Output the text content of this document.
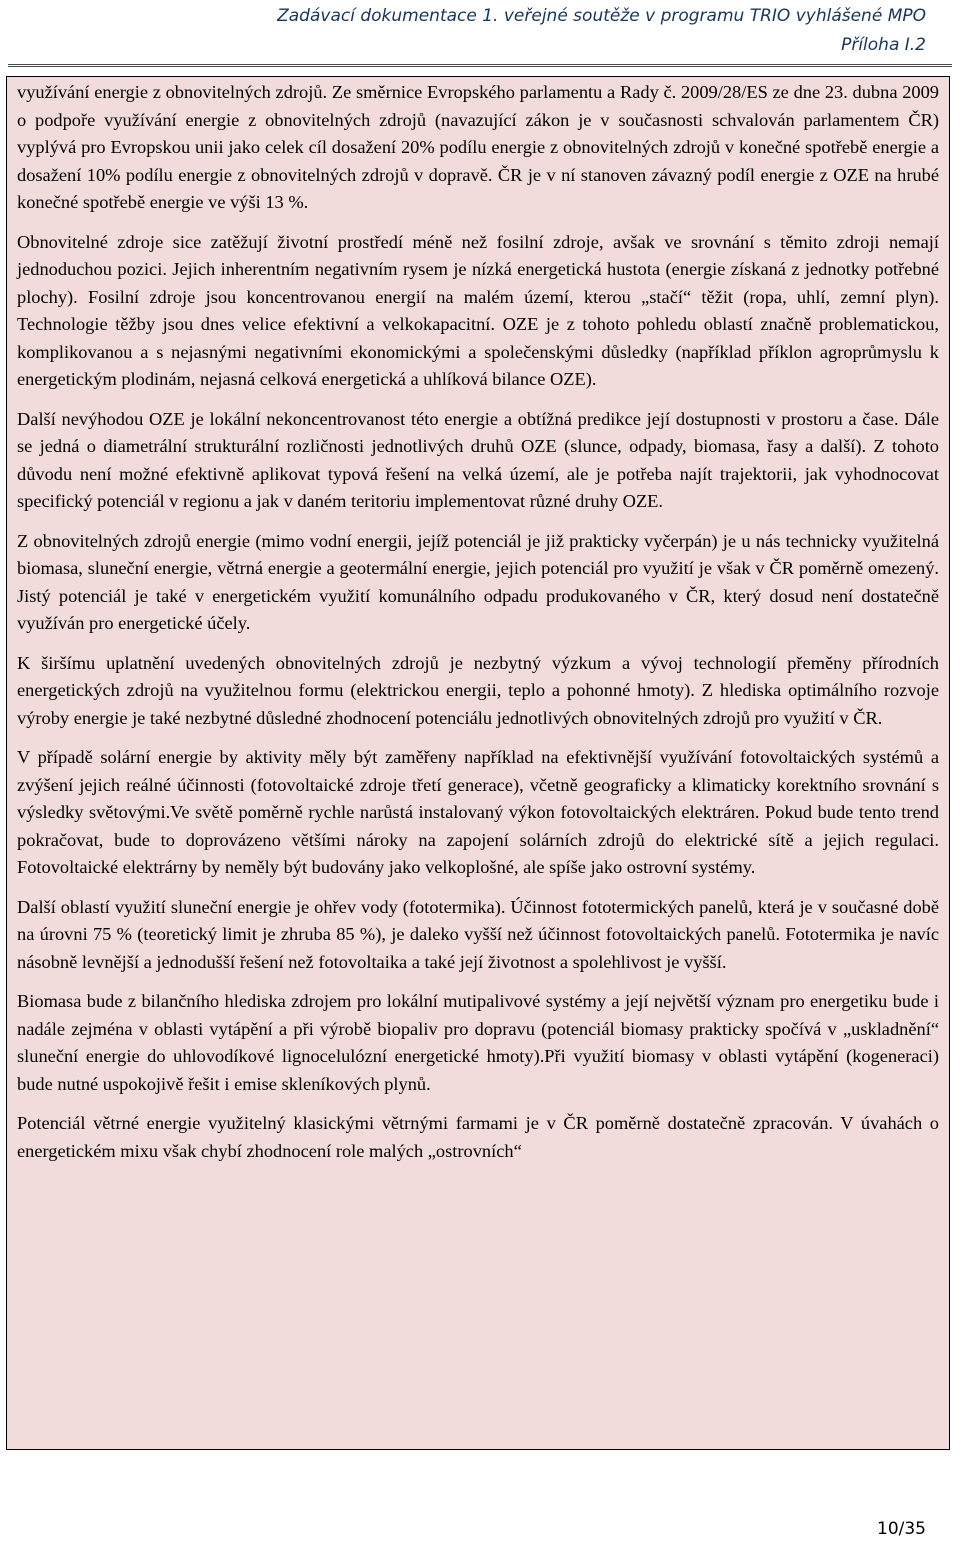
Zadávací dokumentace 1. veřejné soutěže v programu TRIO vyhlášené MPO
Příloha I.2

využívání energie z obnovitelných zdrojů. Ze směrnice Evropského parlamentu a Rady č. 2009/28/ES ze dne 23. dubna 2009 o podpoře využívání energie z obnovitelných zdrojů (navazující zákon je v současnosti schvalován parlamentem ČR) vyplývá pro Evropskou unii jako celek cíl dosažení 20% podílu energie z obnovitelných zdrojů v konečné spotřebě energie a dosažení 10% podílu energie z obnovitelných zdrojů v dopravě. ČR je v ní stanoven závazný podíl energie z OZE na hrubé konečné spotřebě energie ve výši 13 %.

Obnovitelné zdroje sice zatěžují životní prostředí méně než fosilní zdroje, avšak ve srovnání s těmito zdroji nemají jednoduchou pozici. Jejich inherentním negativním rysem je nízká energetická hustota (energie získaná z jednotky potřebné plochy). Fosilní zdroje jsou koncentrovanou energií na malém území, kterou „stačí“ těžit (ropa, uhlí, zemní plyn). Technologie těžby jsou dnes velice efektivní a velkokapacitní. OZE je z tohoto pohledu oblastí značně problematickou, komplikovanou a s nejasnými negativními ekonomickými a společenskými důsledky (například příklon agroprůmyslu k energetickým plodinám, nejasná celková energetická a uhlíková bilance OZE).

Další nevýhodou OZE je lokální nekoncentrovanost této energie a obtížná predikce její dostupnosti v prostoru a čase. Dále se jedná o diametrální strukturální rozličnosti jednotlivých druhů OZE (slunce, odpady, biomasa, řasy a další). Z tohoto důvodu není možné efektivně aplikovat typová řešení na velká území, ale je potřeba najít trajektorii, jak vyhodnocovat specifický potenciál v regionu a jak v daném teritoriu implementovat různé druhy OZE.

Z obnovitelných zdrojů energie (mimo vodní energii, jejíž potenciál je již prakticky vyčerpán) je u nás technicky využitelná biomasa, sluneční energie, větrná energie a geotermální energie, jejich potenciál pro využití je však v ČR poměrně omezený. Jistý potenciál je také v energetickém využití komunálního odpadu produkovaného v ČR, který dosud není dostatečně využíván pro energetické účely.

K širšímu uplatnění uvedených obnovitelných zdrojů je nezbytný výzkum a vývoj technologií přeměny přírodních energetických zdrojů na využitelnou formu (elektrickou energii, teplo a pohonné hmoty). Z hlediska optimálního rozvoje výroby energie je také nezbytné důsledné zhodnocení potenciálu jednotlivých obnovitelných zdrojů pro využití v ČR.

V případě solární energie by aktivity měly být zaměřeny například na efektivnější využívání fotovoltaických systémů a zvýšení jejich reálné účinnosti (fotovoltaické zdroje třetí generace), včetně geograficky a klimaticky korektního srovnání s výsledky světovými.Ve světě poměrně rychle narůstá instalovaný výkon fotovoltaických elektráren. Pokud bude tento trend pokračovat, bude to doprovázeno většími nároky na zapojení solárních zdrojů do elektrické sítě a jejich regulaci. Fotovoltaické elektrárny by neměly být budovány jako velkoplošné, ale spíše jako ostrovní systémy.

Další oblastí využití sluneční energie je ohřev vody (fototermika). Účinnost fototermických panelů, která je v současné době na úrovni 75 % (teoretický limit je zhruba 85 %), je daleko vyšší než účinnost fotovoltaických panelů. Fototermika je navíc násobně levnější a jednodušší řešení než fotovoltaika a také její životnost a spolehlivost je vyšší.

Biomasa bude z bilančního hlediska zdrojem pro lokální mutipalivové systémy a její největší význam pro energetiku bude i nadále zejména v oblasti vytápění a při výrobě biopaliv pro dopravu (potenciál biomasy prakticky spočívá v „uskladnění“ sluneční energie do uhlovodíkové lignocelulózní energetické hmoty).Při využití biomasy v oblasti vytápění (kogeneraci) bude nutné uspokojivě řešit i emise skleníkových plynů.

Potenciál větrné energie využitelný klasickými větrnými farmami je v ČR poměrně dostatečně zpracován. V úvahách o energetickém mixu však chybí zhodnocení role malých „ostrovních“

10/35
